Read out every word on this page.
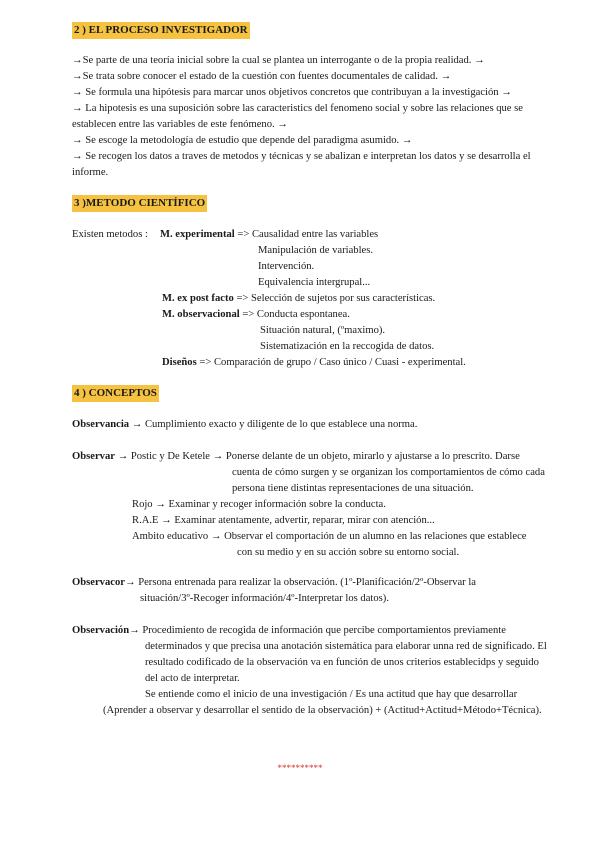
2 ) EL PROCESO INVESTIGADOR
→Se parte de una teoría inicial sobre la cual se plantea un interrogante o de la propia realidad. →
→Se trata sobre conocer el estado de la cuestión con fuentes documentales de calidad. →
→ Se formula una hipótesis para marcar unos objetivos concretos que contribuyan a la investigación →
→ La hipotesis es una suposición sobre las caracteristics del fenomeno social y sobre las relaciones que se
establecen entre las variables de este fenómeno. →
→ Se escoge la metodología de estudio que depende del paradigma asumido. →
→ Se recogen los datos a traves de metodos y técnicas y se abalizan e interpretan los datos y se desarrolla el
informe.
3 )METODO CIENTÍFICO
Existen metodos : M. experimental => Causalidad entre las variables
Manipulación de variables.
Intervención.
Equivalencia intergrupal...
M. ex post facto => Selección de sujetos por sus características.
M. observacional => Conducta espontanea.
Situación natural, (ºmaximo).
Sistematización en la reccogida de datos.
Diseños => Comparación de grupo / Caso único / Cuasi - experimental.
4 ) CONCEPTOS
Observancia → Cumplimiento exacto y diligente de lo que establece una norma.
Observar → Postic y De Ketele → Ponerse delante de un objeto, mirarlo y ajustarse a lo prescrito. Darse
cuenta de cómo surgen y se organizan los comportamientos de cómo cada
persona tiene distintas representaciones de una situación.
Rojo → Examinar y recoger información sobre la conducta.
R.A.E → Examinar atentamente, advertir, reparar, mirar con atención...
Ambito educativo → Observar el comportación de un alumno en las relaciones que establece
con su medio y en su acción sobre su entorno social.
Observacor→ Persona entrenada para realizar la observación. (1º-Planificación/2º-Observar la
situación/3º-Recoger información/4º-Interpretar los datos).
Observación→ Procedimiento de recogida de información que percibe comportamientos previamente
determinados y que precisa una anotación sistemática para elaborar unna red de significado. El
resultado codificado de la observación va en función de unos criterios establecidps y seguido
del acto de interpretar.
Se entiende como el inicio de una investigación / Es una actitud que hay que desarrollar
(Aprender a observar y desarrollar el sentido de la observación) + (Actitud+Actitud+Método+Técnica).
**********
